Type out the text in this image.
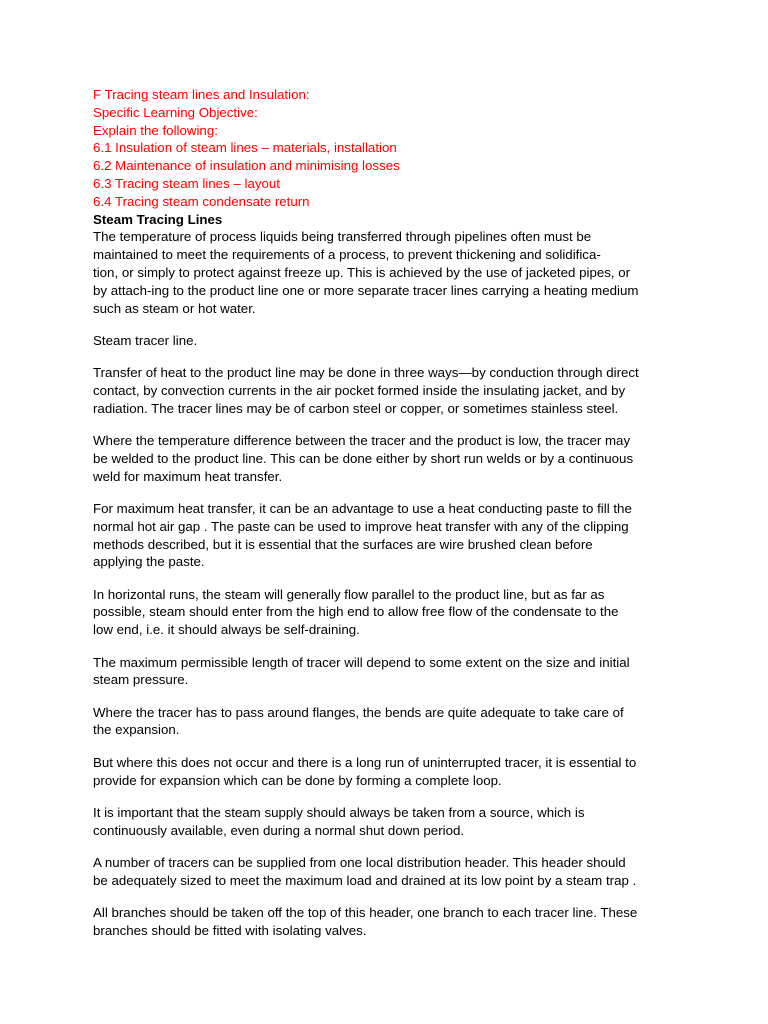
F Tracing steam lines and Insulation:

Specific Learning Objective:

Explain the following:

6.1 Insulation of steam lines – materials, installation

6.2 Maintenance of insulation and minimising losses

6.3 Tracing steam lines – layout

6.4 Tracing steam condensate return

Steam Tracing Lines

The temperature of process liquids being transferred through pipelines often must be
maintained to meet the requirements of a process, to prevent thickening and solidifica-
tion, or simply to protect against freeze up. This is achieved by the use of jacketed pipes, or
by attach-ing to the product line one or more separate tracer lines carrying a heating medium
such as steam or hot water.

Steam tracer line.

Transfer of heat to the product line may be done in three ways—by conduction through direct
contact, by convection currents in the air pocket formed inside the insulating jacket, and by
radiation. The tracer lines may be of carbon steel or copper, or sometimes stainless steel.

Where the temperature difference between the tracer and the product is low, the tracer may
be welded to the product line. This can be done either by short run welds or by a continuous
weld for maximum heat transfer.

For maximum heat transfer, it can be an advantage to use a heat conducting paste to fill the
normal hot air gap . The paste can be used to improve heat transfer with any of the clipping
methods described, but it is essential that the surfaces are wire brushed clean before
applying the paste.

In horizontal runs, the steam will generally flow parallel to the product line, but as far as
possible, steam should enter from the high end to allow free flow of the condensate to the
low end, i.e. it should always be self-draining.

The maximum permissible length of tracer will depend to some extent on the size and initial
steam pressure.

Where the tracer has to pass around flanges, the bends are quite adequate to take care of
the expansion.

But where this does not occur and there is a long run of uninterrupted tracer, it is essential to
provide for expansion which can be done by forming a complete loop.

It is important that the steam supply should always be taken from a source, which is
continuously available, even during a normal shut down period.

A number of tracers can be supplied from one local distribution header. This header should
be adequately sized to meet the maximum load and drained at its low point by a steam trap .

All branches should be taken off the top of this header, one branch to each tracer line. These
branches should be fitted with isolating valves.
